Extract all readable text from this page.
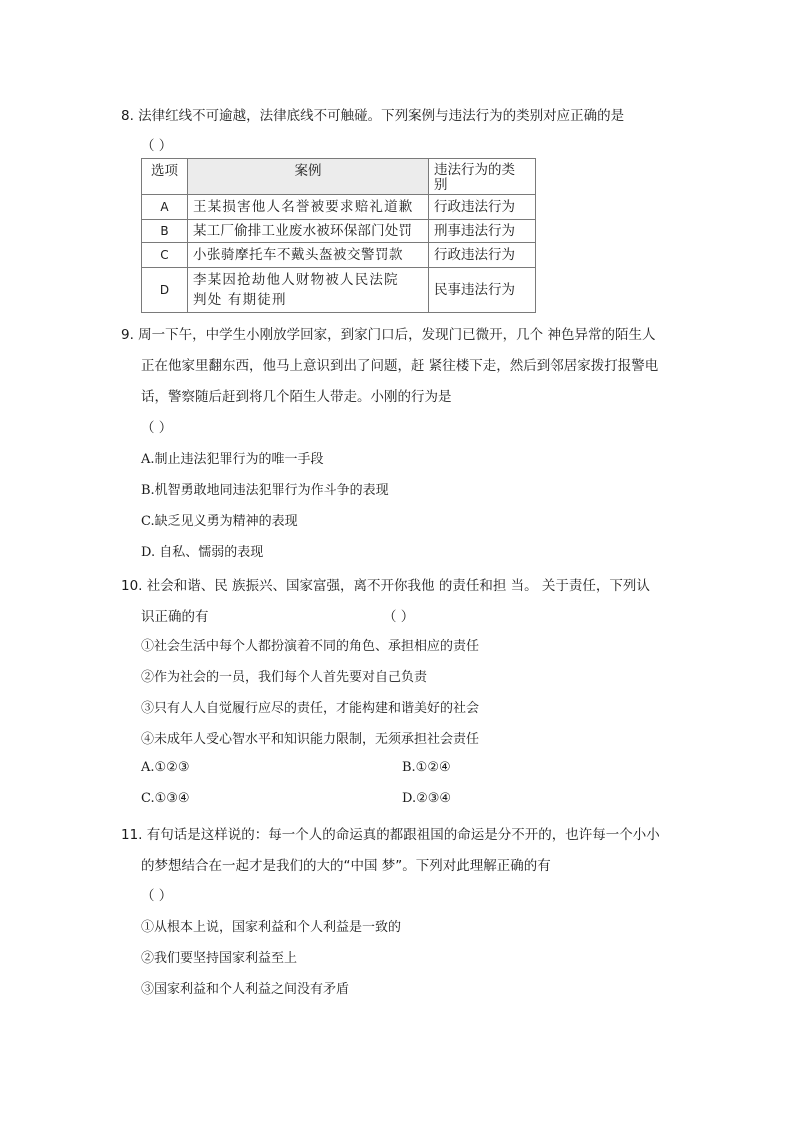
8. 法律红线不可逾越，法律底线不可触碰。下列案例与违法行为的类别对应正确的是
（ ）
选项	案例	违法行为的类
别
A	王某损害他人名誉被要求赔礼道歉	行政违法行为
B	某工厂偷排工业废水被环保部门处罚	刑事违法行为
C	小张骑摩托车不戴头盔被交警罚款	行政违法行为
D	李某因抢劫他人财物被人民法院
判处 有期徒刑	民事违法行为
9. 周一下午，中学生小刚放学回家，到家门口后，发现门已微开，几个 神色异常的陌生人
正在他家里翻东西，他马上意识到出了问题，赶 紧往楼下走，然后到邻居家拨打报警电
话，警察随后赶到将几个陌生人带走。小刚的行为是
（ ）
A.制止违法犯罪行为的唯一手段
B.机智勇敢地同违法犯罪行为作斗争的表现
C.缺乏见义勇为精神的表现
D. 自私、懦弱的表现
10. 社会和谐、民 族振兴、国家富强，离不开你我他 的责任和担 当。 关于责任，下列认
识正确的有	（ ）
①社会生活中每个人都扮演着不同的角色、承担相应的责任
②作为社会的一员，我们每个人首先要对自己负责
③只有人人自觉履行应尽的责任，才能构建和谐美好的社会
④未成年人受心智水平和知识能力限制，无须承担社会责任
A.①②③	B.①②④
C.①③④	D.②③④
11. 有句话是这样说的：每一个人的命运真的都跟祖国的命运是分不开的，也许每一个小小
的梦想结合在一起才是我们的大的“中国 梦”。下列对此理解正确的有
（ ）
①从根本上说，国家利益和个人利益是一致的
②我们要坚持国家利益至上
③国家利益和个人利益之间没有矛盾
